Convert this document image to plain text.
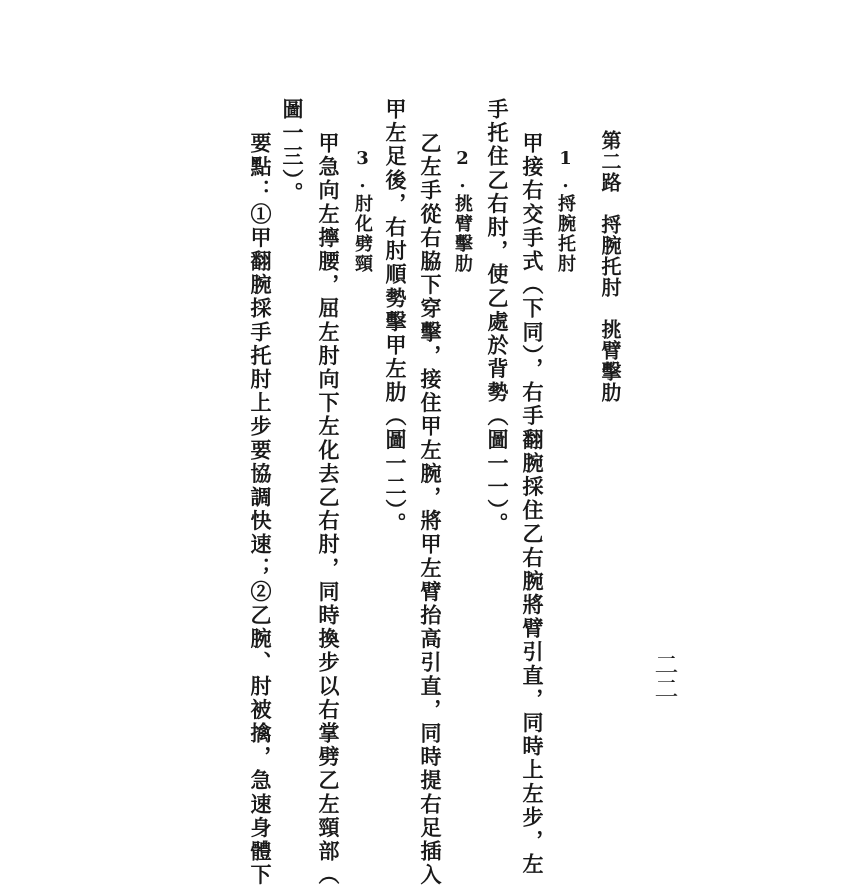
二二
第二路　捋腕托肘　挑臂擊肋
1.捋腕托肘
甲接右交手式（下同），右手翻腕採住乙右腕將臂引直，同時上左步，左
手托住乙右肘，使乙處於背勢（圖一一）。
2.挑臂擊肋
乙左手從右脇下穿擊，接住甲左腕，將甲左臂抬高引直，同時提右足插入
甲左足後，右肘順勢擊甲左肋（圖一二）。
3.肘化劈頸
甲急向左擰腰，屈左肘向下左化去乙右肘，同時換步以右掌劈乙左頸部（
圖一三）。
要點：①甲翻腕採手托肘上步要協調快速；②乙腕、肘被擒，急速身體下
